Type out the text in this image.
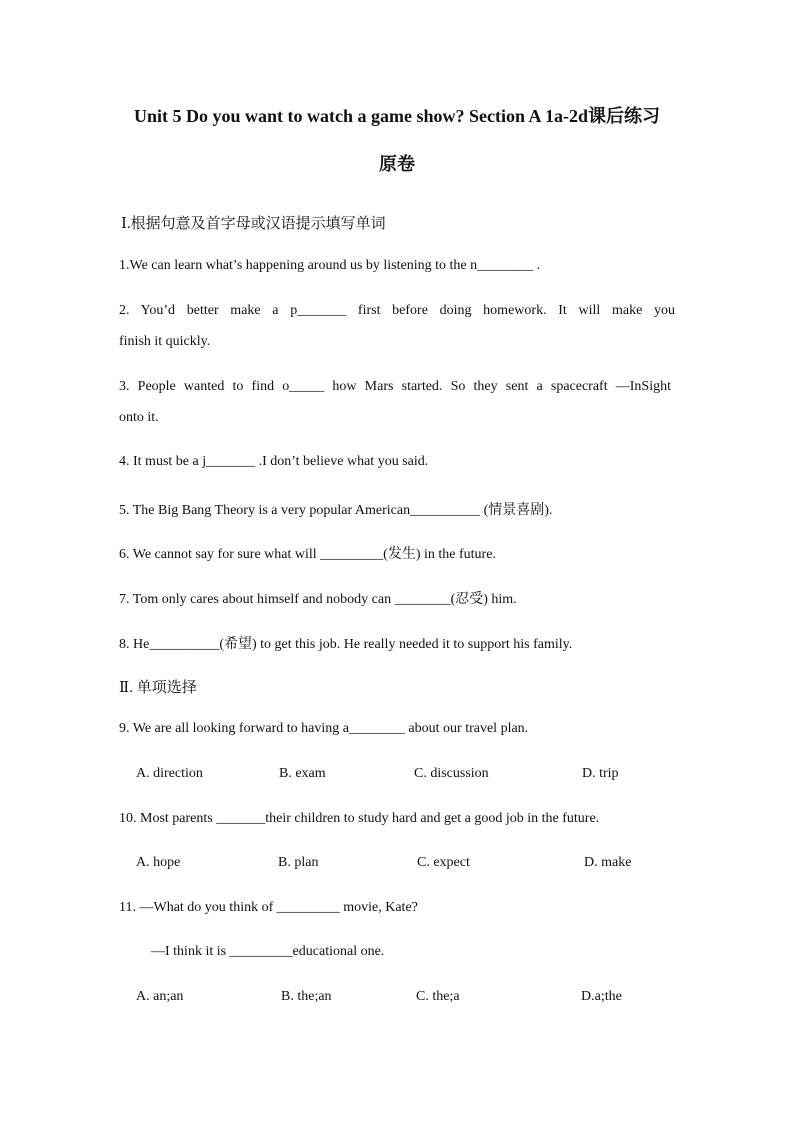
Unit 5 Do you want to watch a game show? Section A 1a-2d课后练习
原卷

Ⅰ.根据句意及首字母或汉语提示填写单词

1.We can learn what’s happening around us by listening to the n________ .

2. You’d better make a p_______ first before doing homework. It will make you

finish it quickly.

3. People wanted to find o_____ how Mars started. So they sent a spacecraft —InSight

onto it.

4. It must be a j_______ .I don’t believe what you said.

5. The Big Bang Theory is a very popular American__________ (情景喜剧).

6. We cannot say for sure what will _________(发生) in the future.

7. Tom only cares about himself and nobody can ________(忍受) him.

8. He__________(希望) to get this job. He really needed it to support his family.

Ⅱ. 单项选择

9. We are all looking forward to having a________ about our travel plan.

A. direction	B. exam	C. discussion	D. trip

10. Most parents _______their children to study hard and get a good job in the future.

A. hope	B. plan	C. expect	D. make

11. —What do you think of _________ movie, Kate?

—I think it is _________educational one.

A. an;an	B. the;an	C. the;a	D.a;the
